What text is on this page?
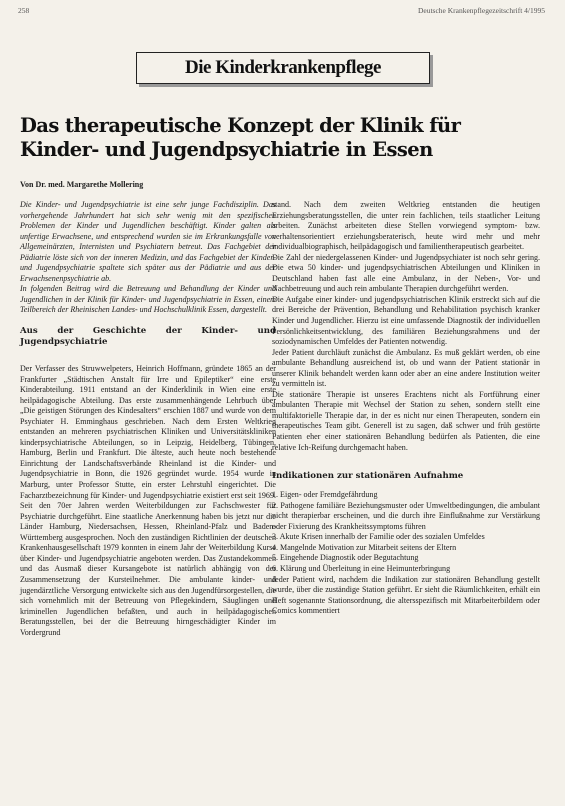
258	Deutsche Krankenpflegezeitschrift 4/1995
Die Kinderkrankenpflege
Das therapeutische Konzept der Klinik für
Kinder- und Jugendpsychiatrie in Essen
Von Dr. med. Margarethe Mollering

Die Kinder- und Jugendpsychiatrie ist eine sehr junge Fachdisziplin. Das vorhergehende Jahrhundert hat sich sehr wenig mit den spezifischen Problemen der Kinder und Jugendlichen beschäftigt. Kinder galten als unfertige Erwachsene, und entsprechend wurden sie im Erkrankungsfalle von Allgemeinärzten, Internisten und Psychiatern betreut. Das Fachgebiet der Pädiatrie löste sich von der inneren Medizin, und das Fachgebiet der Kinder- und Jugendpsychiatrie spaltete sich später aus der Pädiatrie und aus der Erwachsenenpsychiatrie ab.

In folgenden Beitrag wird die Betreuung und Behandlung der Kinder und Jugendlichen in der Klinik für Kinder- und Jugendpsychiatrie in Essen, einem Teilbereich der Rheinischen Landes- und Hochschulklinik Essen, dargestellt.

Aus der Geschichte der Kinder- und Jugendpsychiatrie

Der Verfasser des Struwwelpeters, Heinrich Hoffmann, gründete 1865 an der Frankfurter „Städtischen Anstalt für Irre und Epileptiker“ eine erste Kinderabteilung. 1911 entstand an der Kinderklinik in Wien eine erste heilpädagogische Abteilung. Das erste zusammenhängende Lehrbuch über „Die geistigen Störungen des Kindesalters“ erschien 1887 und wurde von dem Psychiater H. Emminghaus geschrieben. Nach dem Ersten Weltkrieg entstanden an mehreren psychiatrischen Kliniken und Universitätskliniken kinderpsychiatrische Abteilungen, so in Leipzig, Heidelberg, Tübingen, Hamburg, Berlin und Frankfurt. Die älteste, auch heute noch bestehende Einrichtung der Landschaftsverbände Rheinland ist die Kinder- und Jugendpsychiatrie in Bonn, die 1926 gegründet wurde. 1954 wurde in Marburg, unter Professor Stutte, ein erster Lehrstuhl eingerichtet. Die Facharztbezeichnung für Kinder- und Jugendpsychiatrie existiert erst seit 1969. Seit den 70er Jahren werden Weiterbildungen zur Fachschwester für Psychiatrie durchgeführt. Eine staatliche Anerkennung haben bis jetzt nur die Länder Hamburg, Niedersachsen, Hessen, Rheinland-Pfalz und Baden-Württemberg ausgesprochen. Noch den zuständigen Richtlinien der deutschen Krankenhausgesellschaft 1979 konnten in einem Jahr der Weiterbildung Kurse über Kinder- und Jugendpsychiatrie angeboten werden. Das Zustandekommen und das Ausmaß dieser Kursangebote ist natürlich abhängig von der Zusammensetzung der Kursteilnehmer. Die ambulante kinder- und jugendärztliche Versorgung entwickelte sich aus den Jugendfürsorgestellen, die sich vornehmlich mit der Betreuung von Pflegekindern, Säuglingen und kriminellen Jugendlichen befaßten, und auch in heilpädagogischen Beratungsstellen, bei der die Betreuung hirngeschädigter Kinder im Vordergrund

stand. Nach dem zweiten Weltkrieg entstanden die heutigen Erziehungsberatungsstellen, die unter rein fachlichen, teils staatlicher Leitung arbeiten. Zunächst arbeiteten diese Stellen vorwiegend symptom- bzw. verhaltensorientiert erziehungsberaterisch, heute wird mehr und mehr individualbiographisch, heilpädagogisch und familientherapeutisch gearbeitet.

Die Zahl der niedergelassenen Kinder- und Jugendpsychiater ist noch sehr gering. Die etwa 50 kinder- und jugendpsychiatrischen Abteilungen und Kliniken in Deutschland haben fast alle eine Ambulanz, in der Neben-, Vor- und Nachbetreuung und auch rein ambulante Therapien durchgeführt werden.

Die Aufgabe einer kinder- und jugendpsychiatrischen Klinik erstreckt sich auf die drei Bereiche der Prävention, Behandlung und Rehabilitation psychisch kranker Kinder und Jugendlicher. Hierzu ist eine umfassende Diagnostik der individuellen Persönlichkeitsentwicklung, des familiären Beziehungsrahmens und der soziodynamischen Umfeldes der Patienten notwendig.

Jeder Patient durchläuft zunächst die Ambulanz. Es muß geklärt werden, ob eine ambulante Behandlung ausreichend ist, ob und wann der Patient stationär in unserer Klinik behandelt werden kann oder aber an eine andere Institution weiter zu vermitteln ist.

Die stationäre Therapie ist unseres Erachtens nicht als Fortführung einer ambulanten Therapie mit Wechsel der Station zu sehen, sondern stellt eine multifaktorielle Therapie dar, in der es nicht nur einen Therapeuten, sondern ein therapeutisches Team gibt. Generell ist zu sagen, daß schwer und früh gestörte Patienten eher einer stationären Behandlung bedürfen als Patienten, die eine relative Ich-Reifung durchgemacht haben.

Indikationen zur stationären Aufnahme

1. Eigen- oder Fremdgefährdung
2. Pathogene familiäre Beziehungsmuster oder Umweltbedingungen, die ambulant nicht therapierbar erscheinen, und die durch ihre Einflußnahme zur Verstärkung oder Fixierung des Krankheitssymptoms führen
3. Akute Krisen innerhalb der Familie oder des sozialen Umfeldes
4. Mangelnde Motivation zur Mitarbeit seitens der Eltern
5. Eingehende Diagnostik oder Begutachtung
6. Klärung und Überleitung in eine Heimunterbringung

Jeder Patient wird, nachdem die Indikation zur stationären Behandlung gestellt wurde, über die zuständige Station geführt. Er sieht die Räumlichkeiten, erhält ein Heft sogenannte Stationsordnung, die altersspezifisch mit Mitarbeiterbildern oder Comics kommentiert
